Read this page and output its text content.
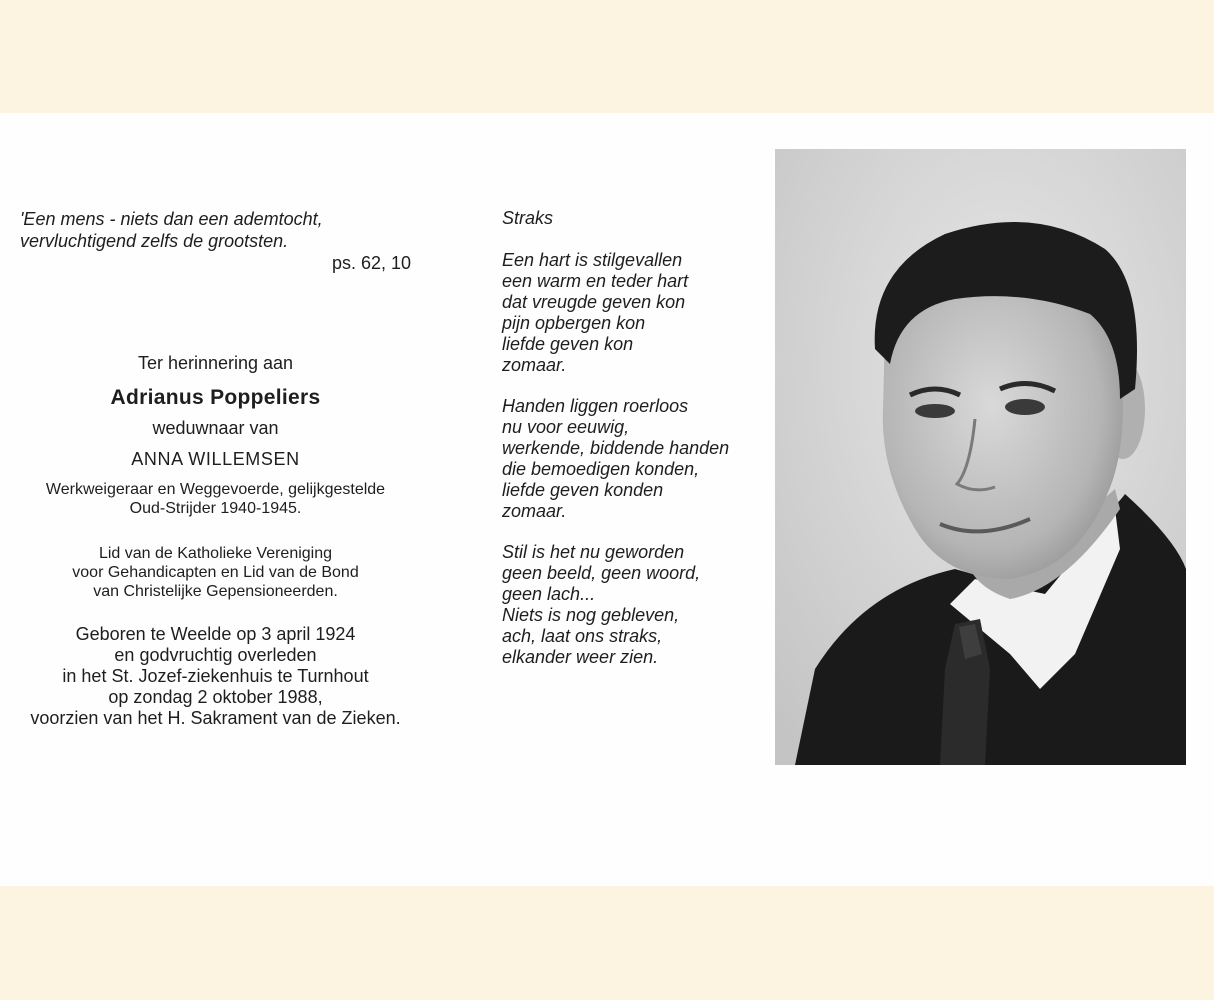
'Een mens - niets dan een ademtocht,
vervluchtigend zelfs de grootsten.
ps. 62, 10
Ter herinnering aan
Adrianus Poppeliers
weduwnaar van
ANNA WILLEMSEN
Werkweigeraar en Weggevoerde, gelijkgestelde
Oud-Strijder 1940-1945.
Lid van de Katholieke Vereniging
voor Gehandicapten en Lid van de Bond
van Christelijke Gepensioneerden.
Geboren te Weelde op 3 april 1924
en godvruchtig overleden
in het St. Jozef-ziekenhuis te Turnhout
op zondag 2 oktober 1988,
voorzien van het H. Sakrament van de Zieken.
Straks
Een hart is stilgevallen
een warm en teder hart
dat vreugde geven kon
pijn opbergen kon
liefde geven kon
zomaar.
Handen liggen roerloos
nu voor eeuwig,
werkende, biddende handen
die bemoedigen konden,
liefde geven konden
zomaar.
Stil is het nu geworden
geen beeld, geen woord,
geen lach...
Niets is nog gebleven,
ach, laat ons straks,
elkander weer zien.
